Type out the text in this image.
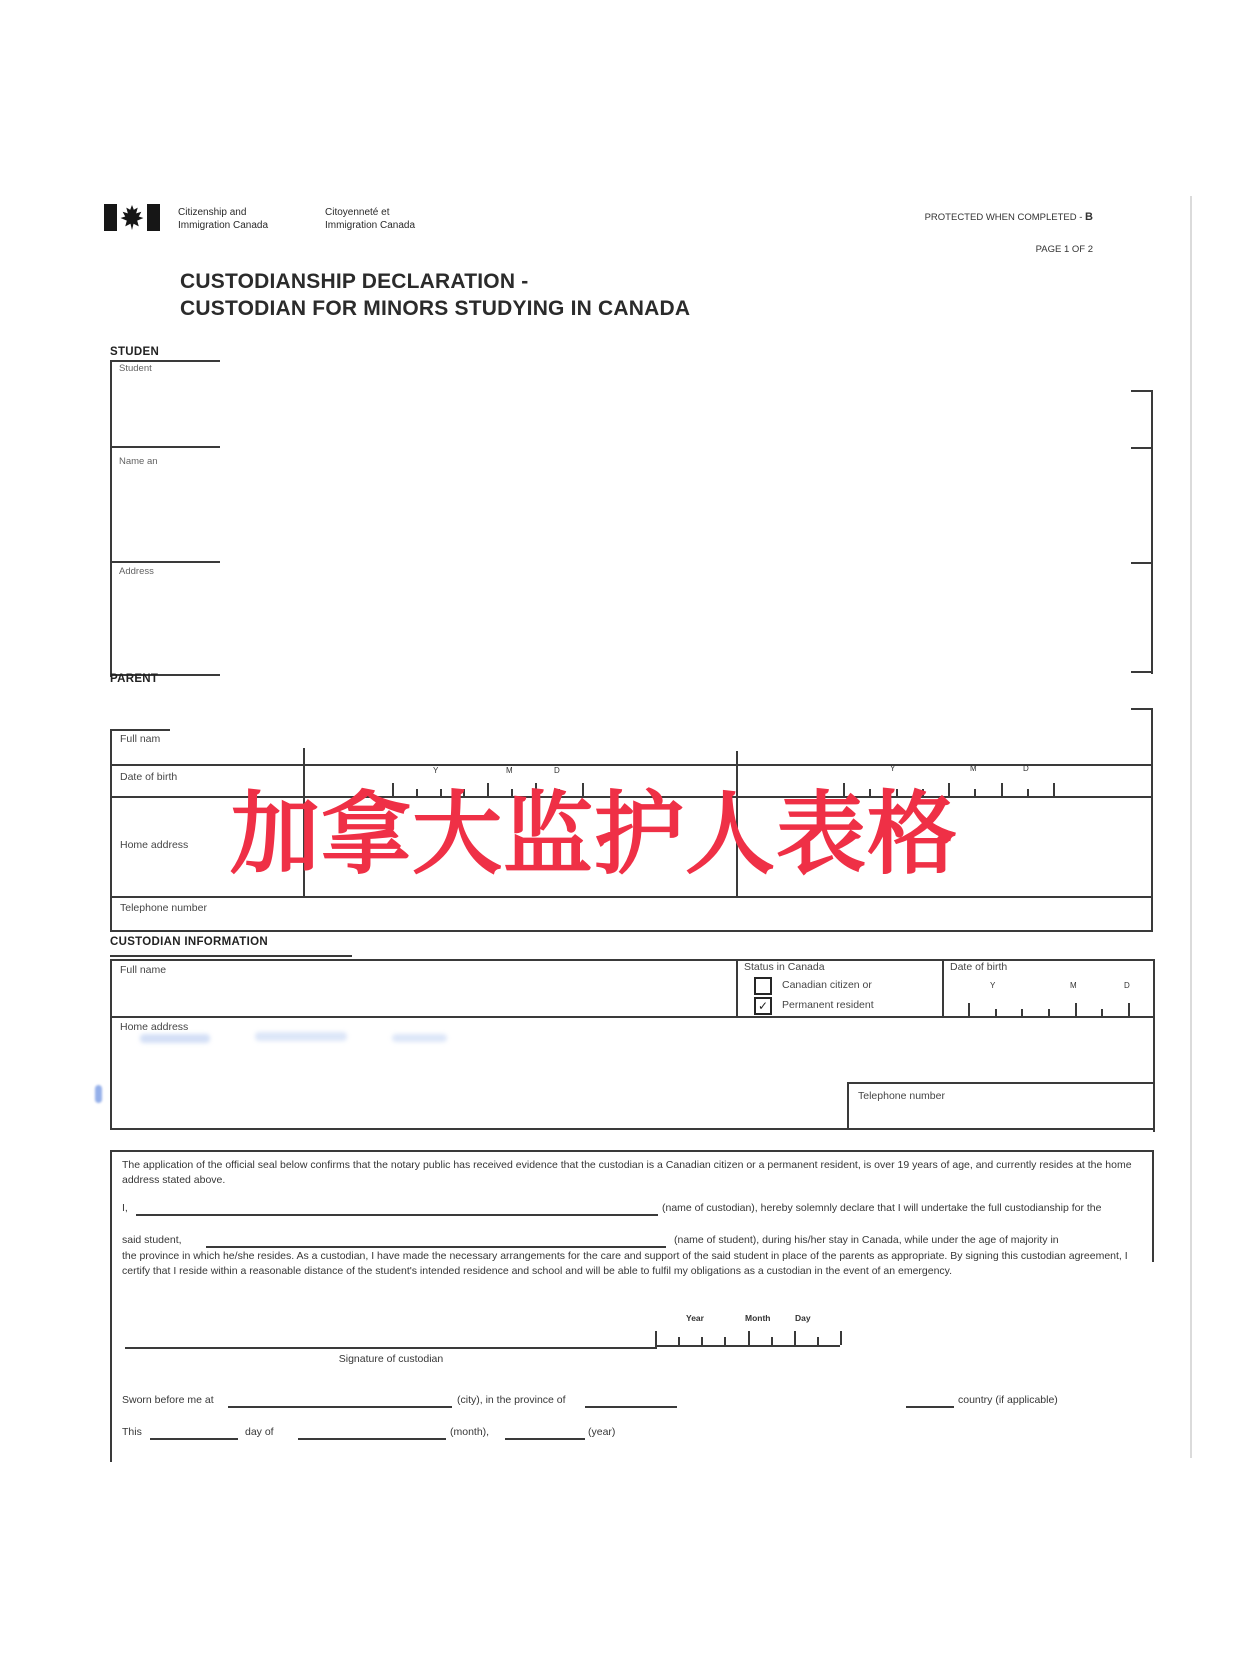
Citizenship and
Immigration Canada
Citoyenneté et
Immigration Canada
PROTECTED WHEN COMPLETED - B
PAGE 1 OF 2
CUSTODIANSHIP DECLARATION -
CUSTODIAN FOR MINORS STUDYING IN CANADA
STUDEN
Student
Name an
Address
PARENT
Full nam
Date of birth
Home address
Telephone number
Y	M	D	Y	M	D
CUSTODIAN INFORMATION
Full name	Status in Canada
Canadian citizen or
✓	Permanent resident
Date of birth
Y	M	D
Home address
Telephone number
The application of the official seal below confirms that the notary public has received evidence that the custodian is a Canadian citizen or a permanent resident, is over 19 years of age, and currently resides at the home address stated above.
I,	(name of custodian), hereby solemnly declare that I will undertake the full custodianship for the
said student,	(name of student), during his/her stay in Canada, while under the age of majority in
the province in which he/she resides. As a custodian, I have made the necessary arrangements for the care and support of the said student in place of the parents as appropriate. By signing this custodian agreement, I certify that I reside within a reasonable distance of the student's intended residence and school and will be able to fulfil my obligations as a custodian in the event of an emergency.
Year	Month	Day
Signature of custodian
Sworn before me at	(city), in the province of	country (if applicable)
This	day of	(month),	(year)
加拿大监护人表格
